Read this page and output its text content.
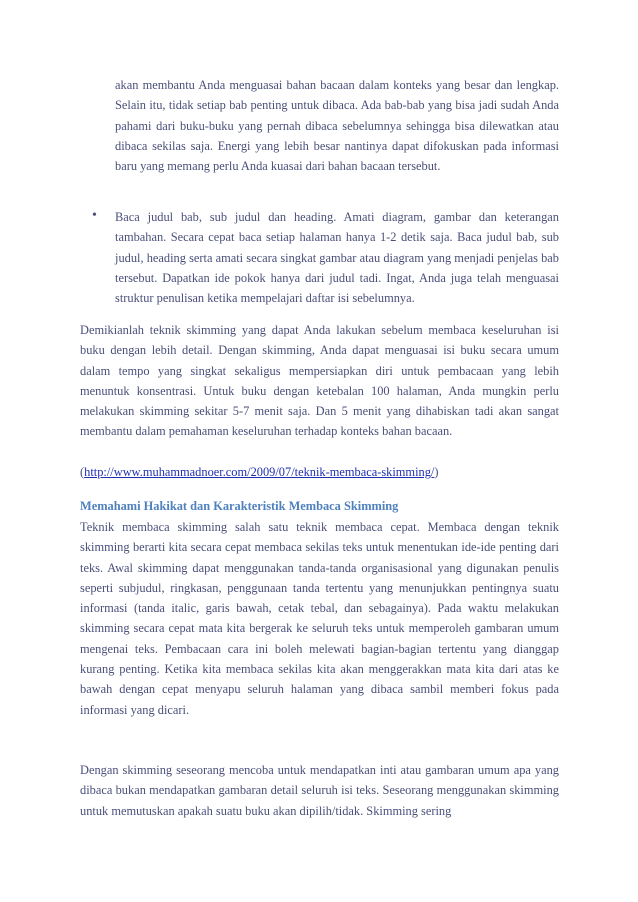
akan membantu Anda menguasai bahan bacaan dalam konteks yang besar dan lengkap. Selain itu, tidak setiap bab penting untuk dibaca. Ada bab-bab yang bisa jadi sudah Anda pahami dari buku-buku yang pernah dibaca sebelumnya sehingga bisa dilewatkan atau dibaca sekilas saja. Energi yang lebih besar nantinya dapat difokuskan pada informasi baru yang memang perlu Anda kuasai dari bahan bacaan tersebut.
• Baca judul bab, sub judul dan heading. Amati diagram, gambar dan keterangan tambahan. Secara cepat baca setiap halaman hanya 1-2 detik saja. Baca judul bab, sub judul, heading serta amati secara singkat gambar atau diagram yang menjadi penjelas bab tersebut. Dapatkan ide pokok hanya dari judul tadi. Ingat, Anda juga telah menguasai struktur penulisan ketika mempelajari daftar isi sebelumnya.
Demikianlah teknik skimming yang dapat Anda lakukan sebelum membaca keseluruhan isi buku dengan lebih detail. Dengan skimming, Anda dapat menguasai isi buku secara umum dalam tempo yang singkat sekaligus mempersiapkan diri untuk pembacaan yang lebih menuntuk konsentrasi. Untuk buku dengan ketebalan 100 halaman, Anda mungkin perlu melakukan skimming sekitar 5-7 menit saja. Dan 5 menit yang dihabiskan tadi akan sangat membantu dalam pemahaman keseluruhan terhadap konteks bahan bacaan.
(http://www.muhammadnoer.com/2009/07/teknik-membaca-skimming/)
Memahami Hakikat dan Karakteristik Membaca Skimming
Teknik membaca skimming salah satu teknik membaca cepat. Membaca dengan teknik skimming berarti kita secara cepat membaca sekilas teks untuk menentukan ide-ide penting dari teks. Awal skimming dapat menggunakan tanda-tanda organisasional yang digunakan penulis seperti subjudul, ringkasan, penggunaan tanda tertentu yang menunjukkan pentingnya suatu informasi (tanda italic, garis bawah, cetak tebal, dan sebagainya). Pada waktu melakukan skimming secara cepat mata kita bergerak ke seluruh teks untuk memperoleh gambaran umum mengenai teks. Pembacaan cara ini boleh melewati bagian-bagian tertentu yang dianggap kurang penting. Ketika kita membaca sekilas kita akan menggerakkan mata kita dari atas ke bawah dengan cepat menyapu seluruh halaman yang dibaca sambil memberi fokus pada informasi yang dicari.
Dengan skimming seseorang mencoba untuk mendapatkan inti atau gambaran umum apa yang dibaca bukan mendapatkan gambaran detail seluruh isi teks. Seseorang menggunakan skimming untuk memutuskan apakah suatu buku akan dipilih/tidak. Skimming sering
